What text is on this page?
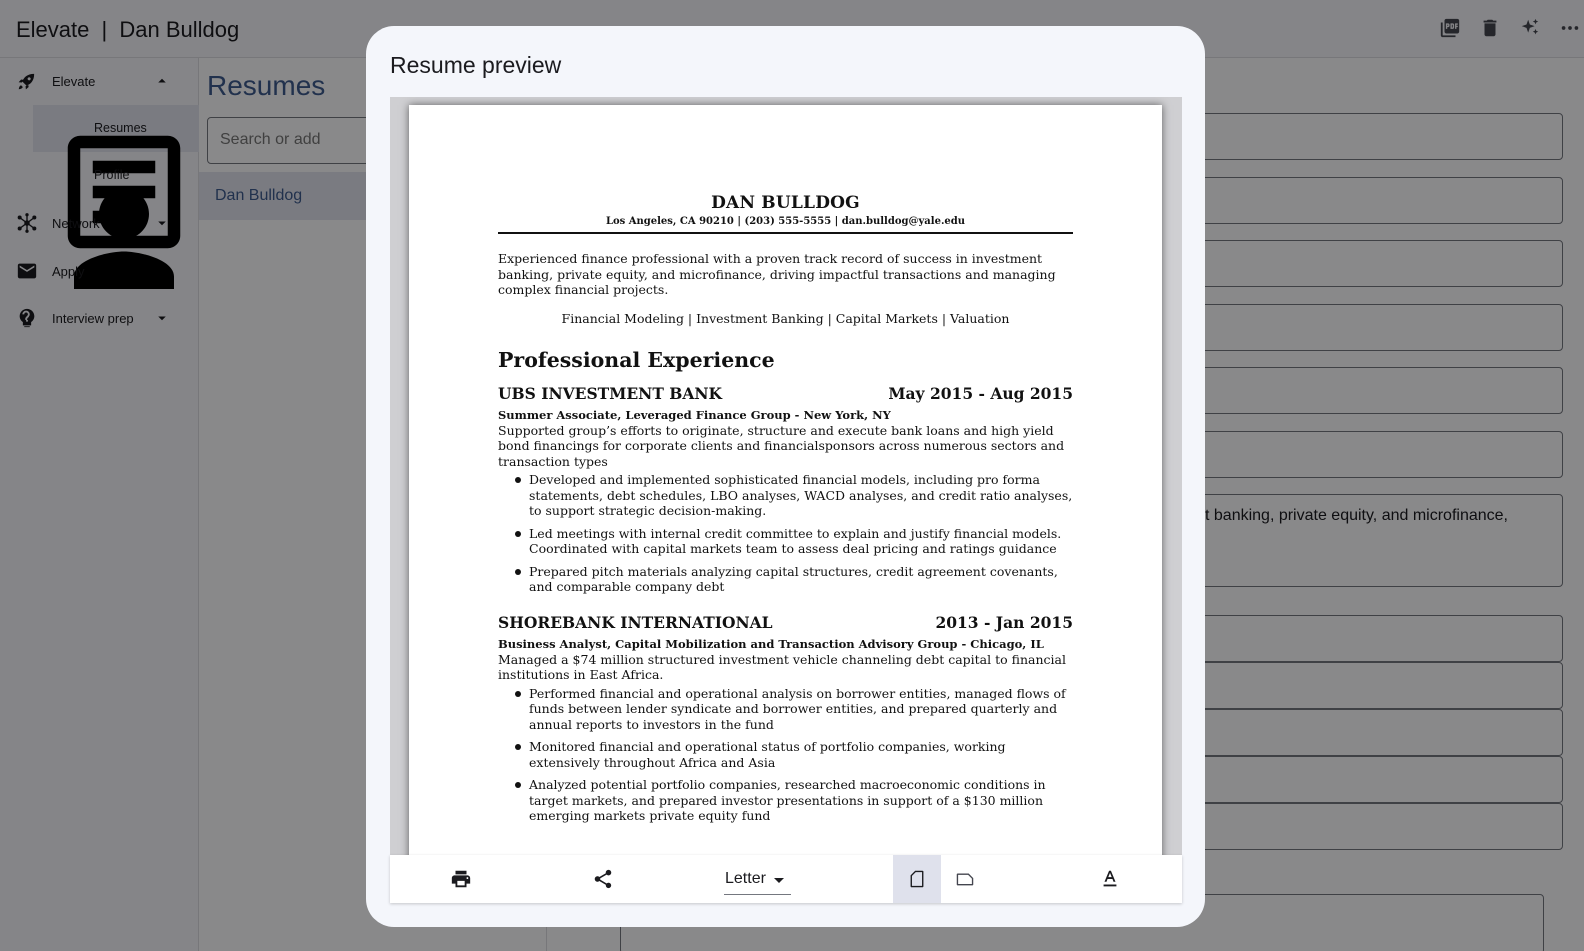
Elevate | Dan Bulldog
Elevate
Resumes
Profile
Network
Apply
Interview prep
Resumes
Search or add
Dan Bulldog
t banking, private equity, and microfinance,
Resume preview
DAN BULLDOG
Los Angeles, CA 90210 | (203) 555-5555 | dan.bulldog@yale.edu
Experienced finance professional with a proven track record of success in investment banking, private equity, and microfinance, driving impactful transactions and managing complex financial projects.
Financial Modeling | Investment Banking | Capital Markets | Valuation
Professional Experience
UBS INVESTMENT BANK	May 2015 - Aug 2015
Summer Associate, Leveraged Finance Group - New York, NY
Supported group’s efforts to originate, structure and execute bank loans and high yield bond financings for corporate clients and financialsponsors across numerous sectors and transaction types
Developed and implemented sophisticated financial models, including pro forma statements, debt schedules, LBO analyses, WACD analyses, and credit ratio analyses, to support strategic decision-making.
Led meetings with internal credit committee to explain and justify financial models. Coordinated with capital markets team to assess deal pricing and ratings guidance
Prepared pitch materials analyzing capital structures, credit agreement covenants, and comparable company debt
SHOREBANK INTERNATIONAL	2013 - Jan 2015
Business Analyst, Capital Mobilization and Transaction Advisory Group - Chicago, IL
Managed a $74 million structured investment vehicle channeling debt capital to financial institutions in East Africa.
Performed financial and operational analysis on borrower entities, managed flows of funds between lender syndicate and borrower entities, and prepared quarterly and annual reports to investors in the fund
Monitored financial and operational status of portfolio companies, working extensively throughout Africa and Asia
Analyzed potential portfolio companies, researched macroeconomic conditions in target markets, and prepared investor presentations in support of a $130 million emerging markets private equity fund
Letter
